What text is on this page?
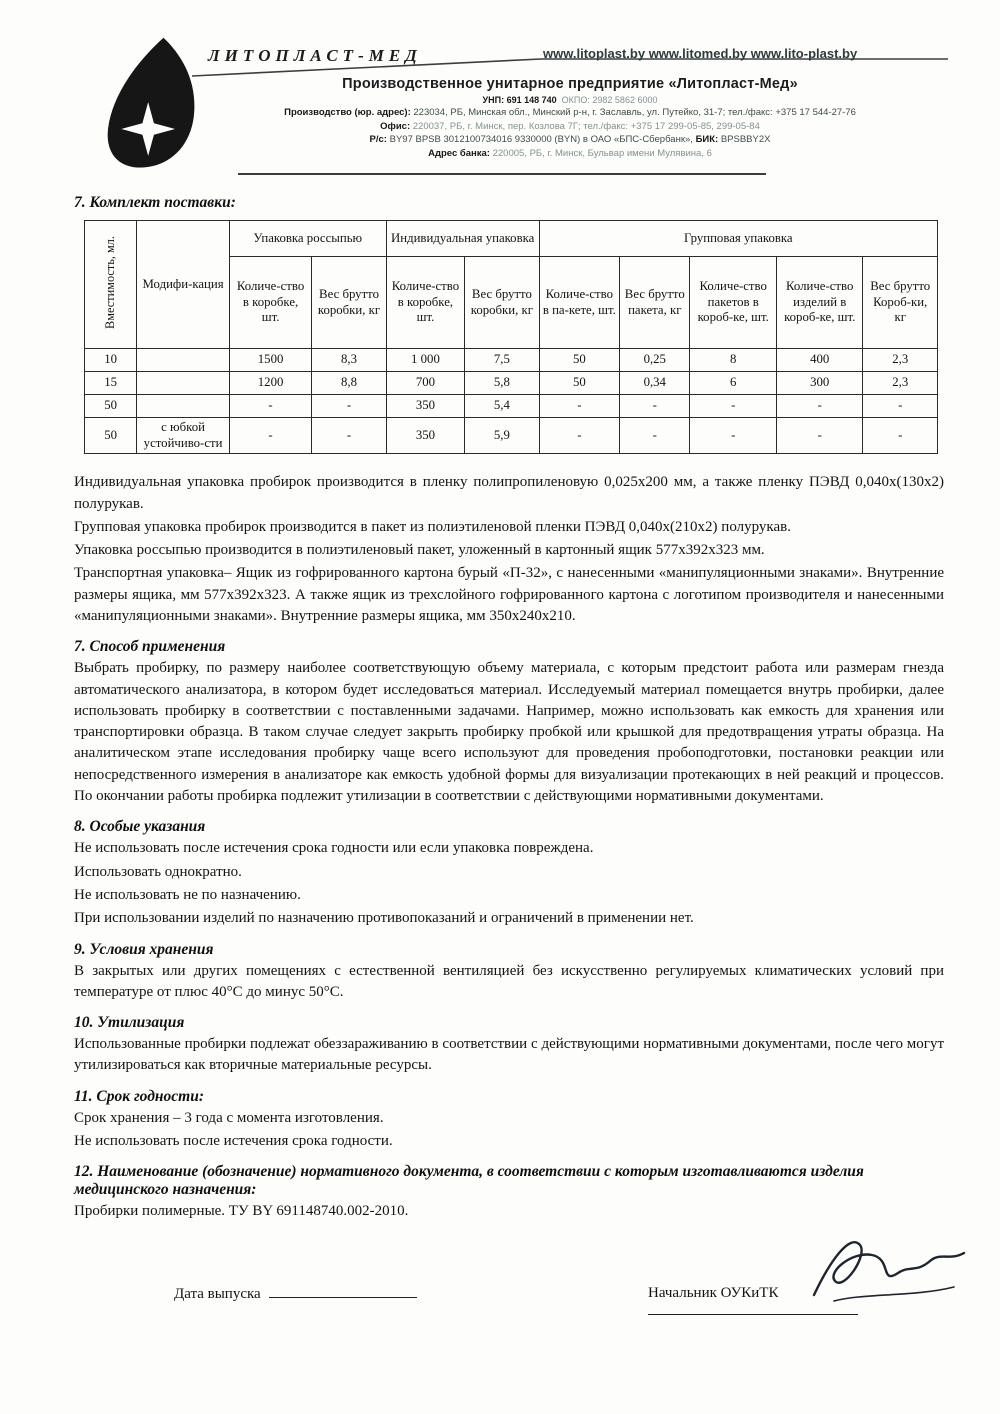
ЛИТОПЛАСТ-МЕД	www.litoplast.by www.litomed.by www.lito-plast.by
Производственное унитарное предприятие «Литопласт-Мед»
УНП: 691 148 740 ОКПО: 2982 5862 6000
Производство (юр. адрес): 223034, РБ, Минская обл., Минский р-н, г. Заславль, ул. Путейко, 31-7; тел./факс: +375 17 544-27-76
Офис: 220037, РБ, г. Минск, пер. Козлова 7Г; тел./факс: +375 17 299-05-85, 299-05-84
Р/с: BY97 BPSB 3012100734016 9330000 (BYN) в ОАО «БПС-Сбербанк», БИК: BPSBBY2X
Адрес банка: 220005, РБ, г. Минск, Бульвар имени Мулявина, 6
7. Комплект поставки:
Вместимость, мл.	Модифи-кация	Упаковка россыпью		Индивидуальная упаковка		Групповая упаковка				
		Количе-ство в коробке, шт.	Вес брутто коробки, кг	Количе-ство в коробке, шт.	Вес брутто коробки, кг	Количе-ство в па-кете, шт.	Вес брутто пакета, кг	Количе-ство пакетов в короб-ке, шт.	Количе-ство изделий в короб-ке, шт.	Вес брутто Короб-ки, кг
10		1500	8,3	1 000	7,5	50	0,25	8	400	2,3
15		1200	8,8	700	5,8	50	0,34	6	300	2,3
50		-	-	350	5,4	-	-	-	-	-
50	с юбкой устойчиво-сти	-	-	350	5,9	-	-	-	-	-

Индивидуальная упаковка пробирок производится в пленку полипропиленовую 0,025х200 мм, а также пленку ПЭВД 0,040х(130х2) полурукав.

Групповая упаковка пробирок производится в пакет из полиэтиленовой пленки ПЭВД 0,040х(210х2) полурукав.

Упаковка россыпью производится в полиэтиленовый пакет, уложенный в картонный ящик 577х392х323 мм.

Транспортная упаковка– Ящик из гофрированного картона бурый «П-32», с нанесенными «манипуляционными знаками». Внутренние размеры ящика, мм 577х392х323. А также ящик из трехслойного гофрированного картона с логотипом производителя и нанесенными «манипуляционными знаками». Внутренние размеры ящика, мм 350х240х210.

7. Способ применения

Выбрать пробирку, по размеру наиболее соответствующую объему материала, с которым предстоит работа или размерам гнезда автоматического анализатора, в котором будет исследоваться материал. Исследуемый материал помещается внутрь пробирки, далее использовать пробирку в соответствии с поставленными задачами. Например, можно использовать как емкость для хранения или транспортировки образца. В таком случае следует закрыть пробирку пробкой или крышкой для предотвращения утраты образца. На аналитическом этапе исследования пробирку чаще всего используют для проведения пробоподготовки, постановки реакции или непосредственного измерения в анализаторе как емкость удобной формы для визуализации протекающих в ней реакций и процессов. По окончании работы пробирка подлежит утилизации в соответствии с действующими нормативными документами.

8. Особые указания

Не использовать после истечения срока годности или если упаковка повреждена.

Использовать однократно.

Не использовать не по назначению.

При использовании изделий по назначению противопоказаний и ограничений в применении нет.

9. Условия хранения

В закрытых или других помещениях с естественной вентиляцией без искусственно регулируемых климатических условий при температуре от плюс 40°С до минус 50°С.

10. Утилизация

Использованные пробирки подлежат обеззараживанию в соответствии с действующими нормативными документами, после чего могут утилизироваться как вторичные материальные ресурсы.

11. Срок годности:

Срок хранения – 3 года с момента изготовления.

Не использовать после истечения срока годности.

12. Наименование (обозначение) нормативного документа, в соответствии с которым изготавливаются изделия медицинского назначения:

Пробирки полимерные. ТУ BY 691148740.002-2010.

Дата выпуска	Начальник ОУКиТК
